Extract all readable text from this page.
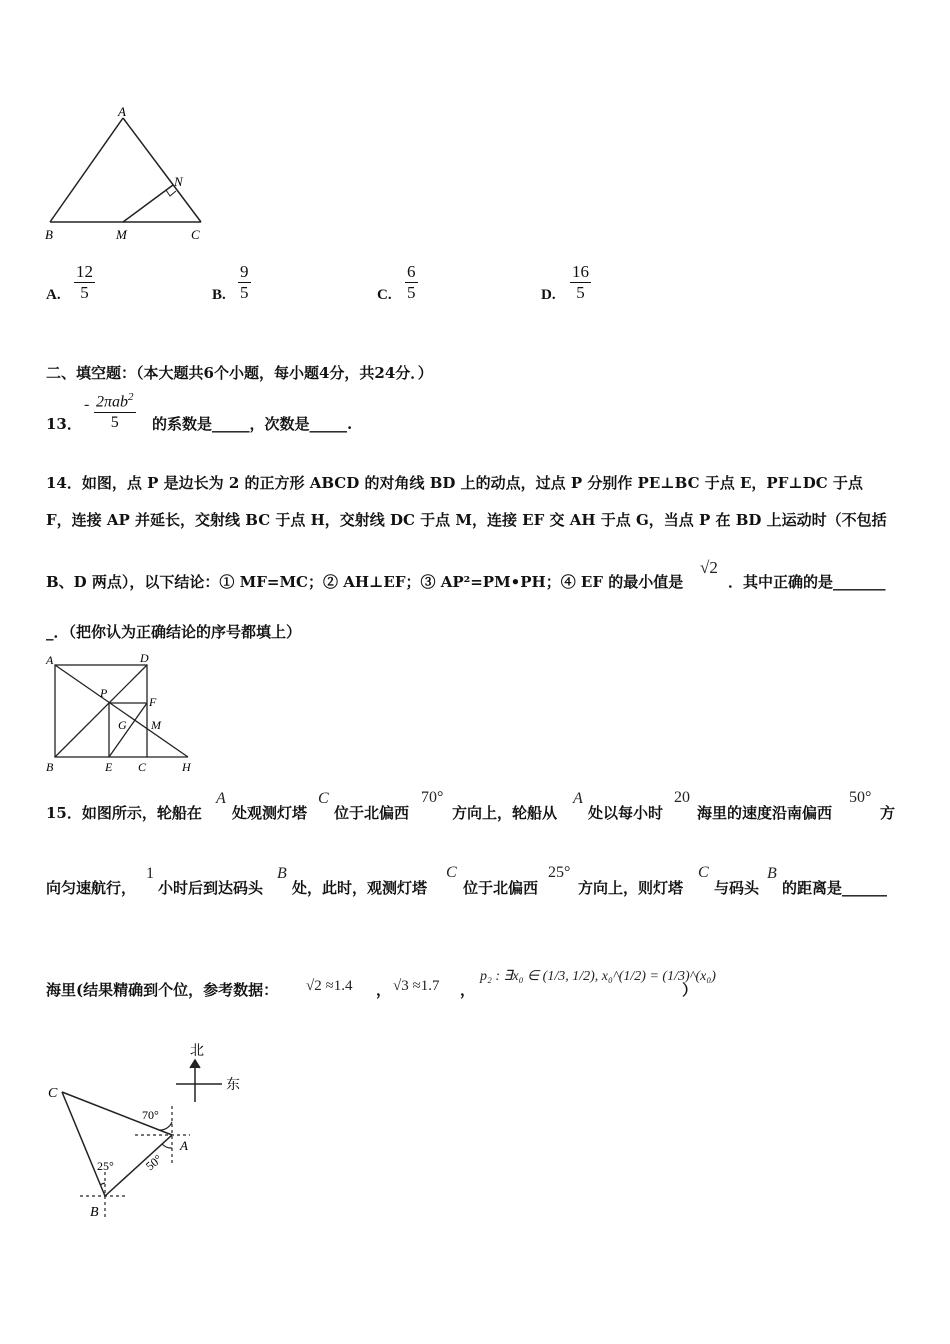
A
N
B	M	C
A. $\frac{12}{5}$	B. $\frac{9}{5}$	C. $\frac{6}{5}$	D. $\frac{16}{5}$
二、填空题：（本大题共6个小题，每小题4分，共24分．）
13．
- 2πab$^2$
5	的系数是_____，次数是_____.
14．如图，点 P 是边长为 2 的正方形 ABCD 的对角线 BD 上的动点，过点 P 分别作 PE⊥BC 于点 E，PF⊥DC 于点
F，连接 AP 并延长，交射线 BC 于点 H，交射线 DC 于点 M，连接 EF 交 AH 于点 G，当点 P 在 BD 上运动时（不包括
B、D 两点），以下结论：① MF=MC；② AH⊥EF；③ AP²=PM•PH；④ EF 的最小值是
√2
．其中正确的是_______
_．（把你认为正确结论的序号都填上）
A	D
P
F
G M
B	E C	H
15．如图所示，轮船在
A
处观测灯塔
C
位于北偏西
70°
方向上，轮船从
A
处以每小时
20
海里的速度沿南偏西
50°
方
向匀速航行，
1
小时后到达码头
B
处，此时，观测灯塔
C
位于北偏西
25°
方向上，则灯塔
C
与码头
B
的距离是______
海里(结果精确到个位，参考数据： √2 ≈1.4 ， √3 ≈1.7 ，
p₂ : ∃x₀ ∈ (1/3, 1/2), x₀^(1/2) = (1/3)^(x₀)
）
北
东
C
A
B
70°
25° 50°
